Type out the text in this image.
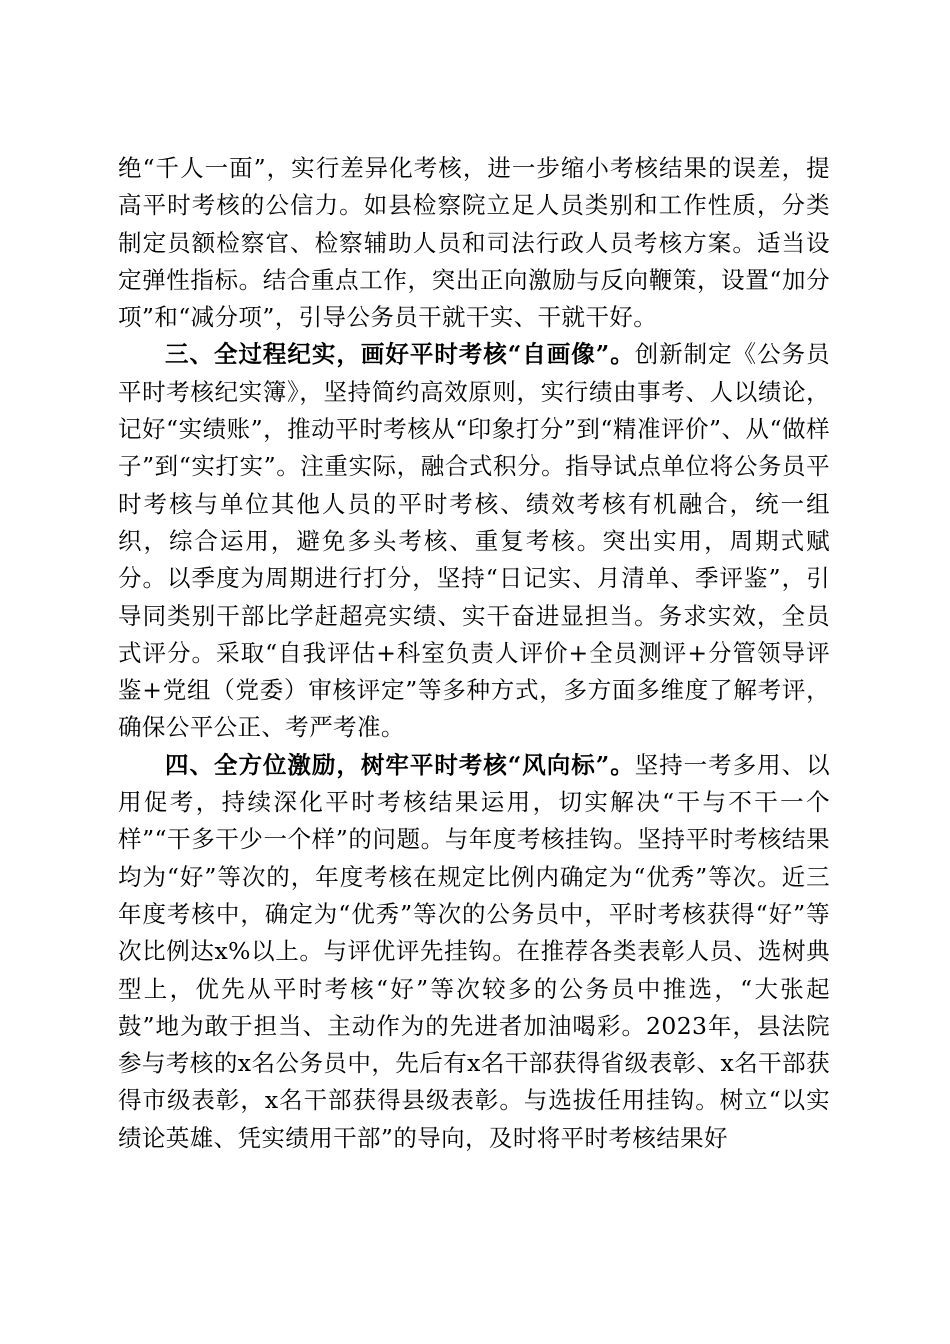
绝“千人一面”，实行差异化考核，进一步缩小考核结果的误差，提高平时考核的公信力。如县检察院立足人员类别和工作性质，分类制定员额检察官、检察辅助人员和司法行政人员考核方案。适当设定弹性指标。结合重点工作，突出正向激励与反向鞭策，设置“加分项”和“减分项”，引导公务员干就干实、干就干好。

三、全过程纪实，画好平时考核“自画像”。创新制定《公务员平时考核纪实簿》，坚持简约高效原则，实行绩由事考、人以绩论，记好“实绩账”，推动平时考核从“印象打分”到“精准评价”、从“做样子”到“实打实”。注重实际，融合式积分。指导试点单位将公务员平时考核与单位其他人员的平时考核、绩效考核有机融合，统一组织，综合运用，避免多头考核、重复考核。突出实用，周期式赋分。以季度为周期进行打分，坚持“日记实、月清单、季评鉴”，引导同类别干部比学赶超亮实绩、实干奋进显担当。务求实效，全员式评分。采取“自我评估+科室负责人评价+全员测评+分管领导评鉴+党组（党委）审核评定”等多种方式，多方面多维度了解考评，确保公平公正、考严考准。

四、全方位激励，树牢平时考核“风向标”。坚持一考多用、以用促考，持续深化平时考核结果运用，切实解决“干与不干一个样”“干多干少一个样”的问题。与年度考核挂钩。坚持平时考核结果均为“好”等次的，年度考核在规定比例内确定为“优秀”等次。近三年度考核中，确定为“优秀”等次的公务员中，平时考核获得“好”等次比例达x%以上。与评优评先挂钩。在推荐各类表彰人员、选树典型上，优先从平时考核“好”等次较多的公务员中推选，“大张起鼓”地为敢于担当、主动作为的先进者加油喝彩。2023年，县法院参与考核的x名公务员中，先后有x名干部获得省级表彰、x名干部获得市级表彰，x名干部获得县级表彰。与选拔任用挂钩。树立“以实绩论英雄、凭实绩用干部”的导向，及时将平时考核结果好
